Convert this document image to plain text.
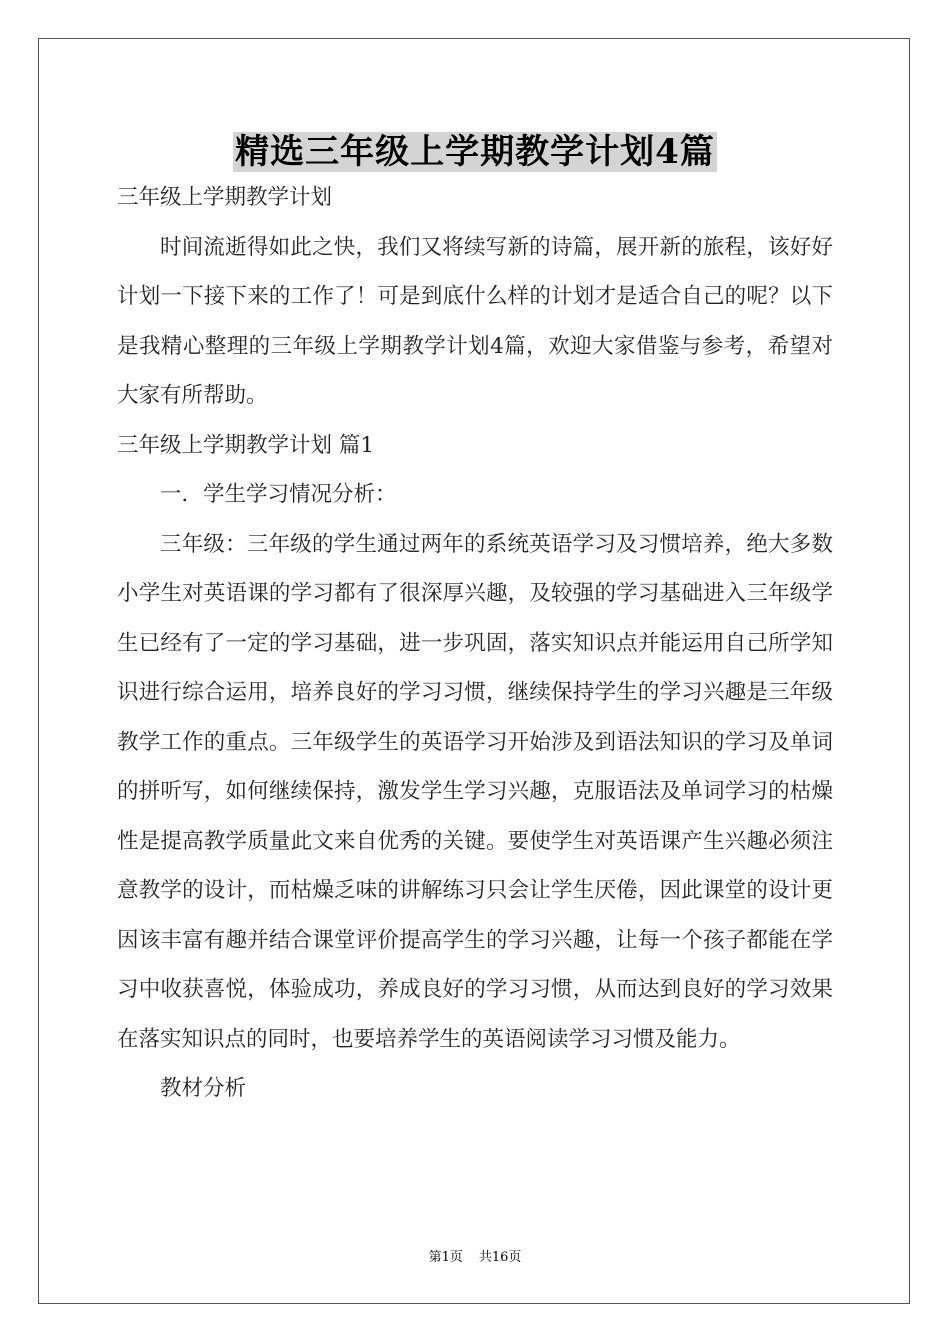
精选三年级上学期教学计划4篇

三年级上学期教学计划

时间流逝得如此之快，我们又将续写新的诗篇，展开新的旅程，该好好计划一下接下来的工作了！可是到底什么样的计划才是适合自己的呢？以下是我精心整理的三年级上学期教学计划4篇，欢迎大家借鉴与参考，希望对大家有所帮助。

三年级上学期教学计划 篇1

一．学生学习情况分析：

三年级：三年级的学生通过两年的系统英语学习及习惯培养，绝大多数小学生对英语课的学习都有了很深厚兴趣，及较强的学习基础进入三年级学生已经有了一定的学习基础，进一步巩固，落实知识点并能运用自己所学知识进行综合运用，培养良好的学习习惯，继续保持学生的学习兴趣是三年级教学工作的重点。三年级学生的英语学习开始涉及到语法知识的学习及单词的拼听写，如何继续保持，激发学生学习兴趣，克服语法及单词学习的枯燥性是提高教学质量此文来自优秀的关键。要使学生对英语课产生兴趣必须注意教学的设计，而枯燥乏味的讲解练习只会让学生厌倦，因此课堂的设计更因该丰富有趣并结合课堂评价提高学生的学习兴趣，让每一个孩子都能在学习中收获喜悦，体验成功，养成良好的学习习惯，从而达到良好的学习效果在落实知识点的同时，也要培养学生的英语阅读学习习惯及能力。

教材分析

第1页 共16页
